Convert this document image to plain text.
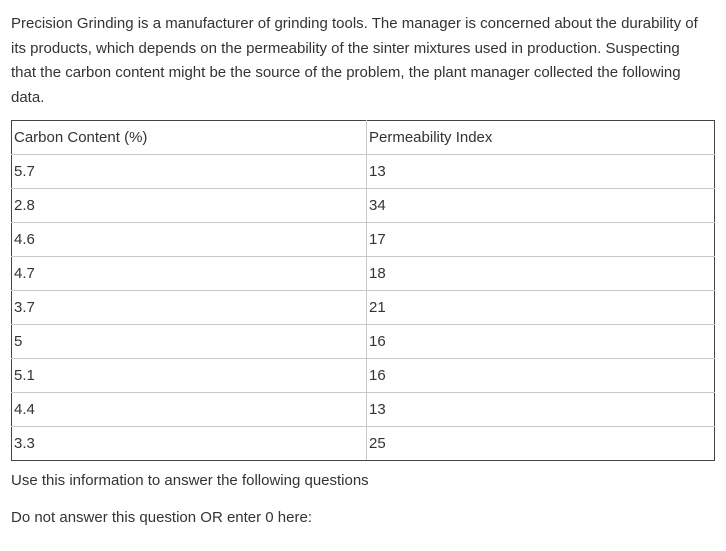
Precision Grinding is a manufacturer of grinding tools. The manager is concerned about the durability of its products, which depends on the permeability of the sinter mixtures used in production. Suspecting that the carbon content might be the source of the problem, the plant manager collected the following data.

Carbon Content (%)	Permeability Index
5.7	13
2.8	34
4.6	17
4.7	18
3.7	21
5	16
5.1	16
4.4	13
3.3	25

Use this information to answer the following questions

Do not answer this question OR enter 0 here:
